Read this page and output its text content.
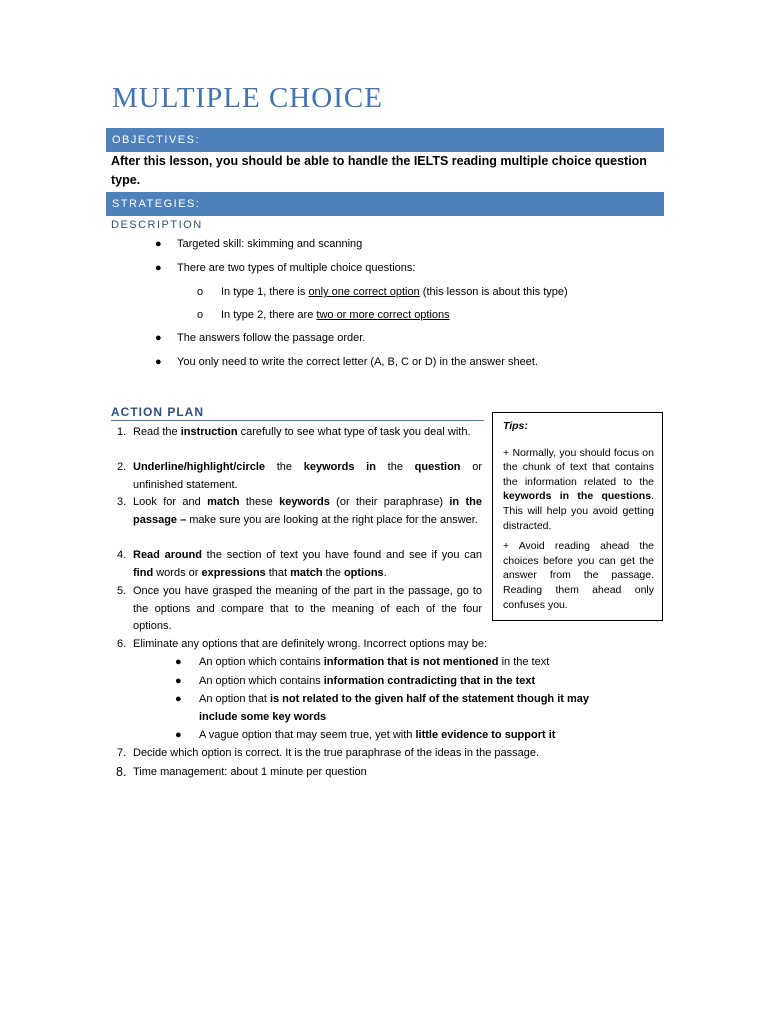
MULTIPLE CHOICE
OBJECTIVES:
After this lesson, you should be able to handle the IELTS reading multiple choice question type.
STRATEGIES:
DESCRIPTION
● Targeted skill: skimming and scanning
● There are two types of multiple choice questions:
o In type 1, there is only one correct option (this lesson is about this type)
o In type 2, there are two or more correct options
● The answers follow the passage order.
● You only need to write the correct letter (A, B, C or D) in the answer sheet.
ACTION PLAN
1. Read the instruction carefully to see what type of task you deal with.
2. Underline/highlight/circle the keywords in the question or unfinished statement.
3. Look for and match these keywords (or their paraphrase) in the passage – make sure you are looking at the right place for the answer.
4. Read around the section of text you have found and see if you can find words or expressions that match the options.
5. Once you have grasped the meaning of the part in the passage, go to the options and compare that to the meaning of each of the four options.
6. Eliminate any options that are definitely wrong. Incorrect options may be:
● An option which contains information that is not mentioned in the text
● An option which contains information contradicting that in the text
● An option that is not related to the given half of the statement though it may include some key words
● A vague option that may seem true, yet with little evidence to support it
7. Decide which option is correct. It is the true paraphrase of the ideas in the passage.
8. Time management: about 1 minute per question
Tips:

+ Normally, you should focus on the chunk of text that contains the information related to the keywords in the questions. This will help you avoid getting distracted.

+ Avoid reading ahead the choices before you can get the answer from the passage. Reading them ahead only confuses you.
